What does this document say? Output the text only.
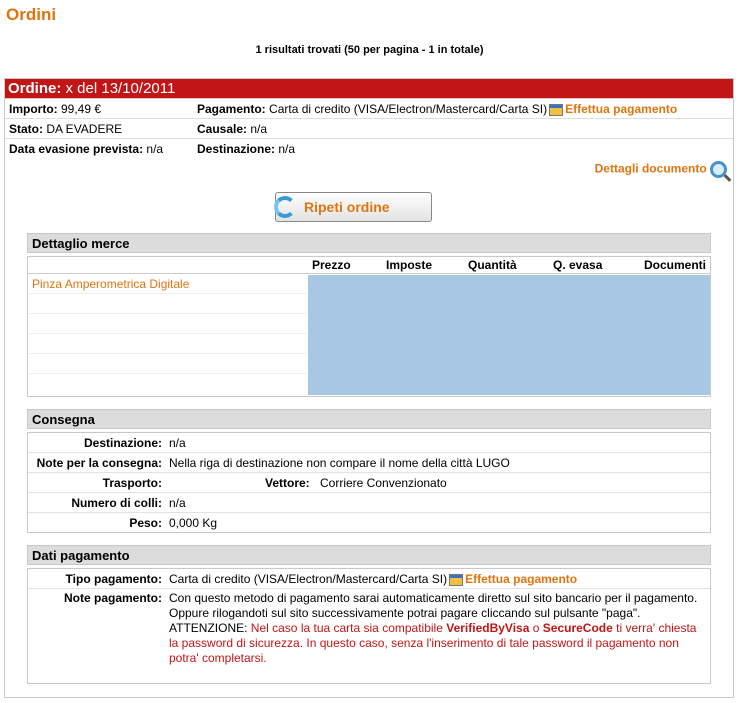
Ordini
1 risultati trovati (50 per pagina - 1 in totale)
Ordine: x del 13/10/2011
Importo: 99,49 €	Pagamento: Carta di credito (VISA/Electron/Mastercard/Carta SI) Effettua pagamento
Stato: DA EVADERE	Causale: n/a
Data evasione prevista: n/a	Destinazione: n/a
Dettagli documento
Ripeti ordine
Dettaglio merce
Prezzo	Imposte	Quantità	Q. evasa	Documenti
Pinza Amperometrica Digitale
Consegna
Destinazione: n/a
Note per la consegna: Nella riga di destinazione non compare il nome della città LUGO
Trasporto:	Vettore: Corriere Convenzionato
Numero di colli: n/a
Peso: 0,000 Kg
Dati pagamento
Tipo pagamento: Carta di credito (VISA/Electron/Mastercard/Carta SI) Effettua pagamento
Note pagamento: Con questo metodo di pagamento sarai automaticamente diretto sul sito bancario per il pagamento. Oppure rilogandoti sul sito successivamente potrai pagare cliccando sul pulsante "paga".
ATTENZIONE: Nel caso la tua carta sia compatibile VerifiedByVisa o SecureCode ti verra' chiesta la password di sicurezza. In questo caso, senza l'inserimento di tale password il pagamento non potra' completarsi.
